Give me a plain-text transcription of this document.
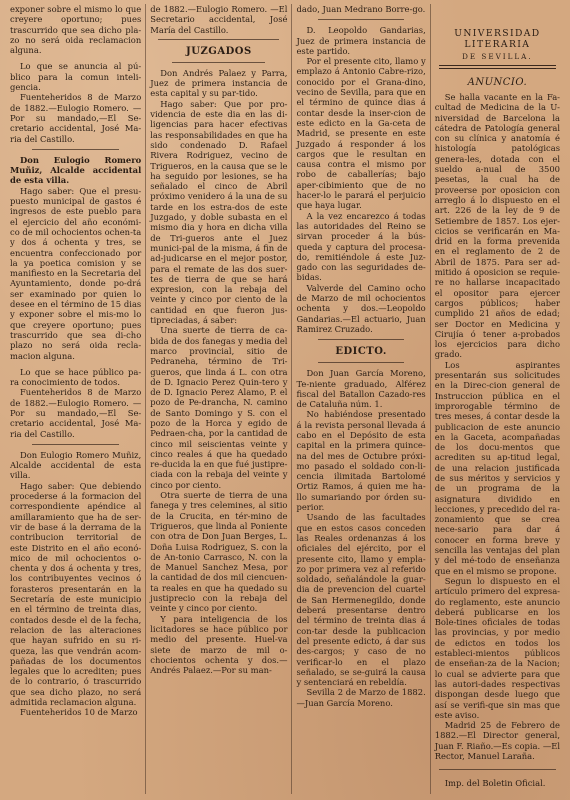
exponer sobre el mismo lo que creyere oportuno; pues trascurrido que sea dicho pla-zo no será oida reclamacion alguna.

Lo que se anuncia al pú-blico para la comun inteli-gencia.

Fuenteheridos 8 de Marzo de 1882.—Eulogio Romero. —Por su mandado,—El Se-cretario accidental, José Ma-ria del Castillo.

Don Eulogio Romero Muñiz, Alcalde accidental de esta villa.

Hago saber: Que el presu-puesto municipal de gastos é ingresos de este pueblo para el ejercicio del año económi-co de mil ochocientos ochen-ta y dos á ochenta y tres, se encuentra confeccionado por la ya poetica comision y se manifiesto en la Secretaria del Ayuntamiento, donde po-drá ser examinado por quien lo desee en el término de 15 dias y exponer sobre el mis-mo lo que creyere oportuno; pues trascurrido que sea di-cho plazo no será oida recla-macion alguna.

Lo que se hace público pa-ra conocimiento de todos.

Fuenteheridos 8 de Marzo de 1882.—Eulogio Romero. —Por su mandado,—El Se-cretario accidental, José Ma-ria del Castillo.

Don Eulogio Romero Muñiz, Alcalde accidental de esta villa.

Hago saber: Que debiendo procederse á la formacion del correspondiente apéndice al amillaramiento que ha de ser-vir de base á la derrama de la contribucion territorial de este Distrito en el año econó-mico de mil ochocientos o-chenta y dos á ochenta y tres, los contribuyentes vecinos ó forasteros presentarán en la Secretaría de este municipio en el término de treinta dias, contados desde el de la fecha, relacion de las alteraciones que hayan sufrido en su ri-queza, las que vendrán acom-pañadas de los documentos legales que lo acrediten; pues de lo contrario, ó trascurrido que sea dicho plazo, no será admitida reclamacion alguna.

Fuenteheridos 10 de Marzo

de 1882.—Eulogio Romero. —El Secretario accidental, José María del Castillo.

JUZGADOS

Don Andrés Palaez y Parra, Juez de primera instancia de esta capital y su par-tido.

Hago saber: Que por pro-videncia de este dia en las di-ligencias para hacer efectivas las responsabilidades en que ha sido condenado D. Rafael Rivera Rodriguez, vecino de Trigueros, en la causa que se le ha seguido por lesiones, se ha señalado el cinco de Abril próximo venidero á la una de su tarde en los estra-dos de este Juzgado, y doble subasta en el mismo dia y hora en dicha villa de Tri-gueros ante el Juez munici-pal de la misma, á fin de ad-judicarse en el mejor postor, para el remate de las dos suer-tes de tierra de que se hará expresion, con la rebaja del veinte y cinco por ciento de la cantidad en que fueron jus-tipreciadas, á saber:

Una suerte de tierra de ca-bida de dos fanegas y media del marco provincial, sitio de Pedraneha, término de Tri-gueros, que linda á L. con otra de D. Ignacio Perez Quin-tero y de D. Ignacio Perez Alamo, P. el pozo de Pe-drancha, N. camino de Santo Domingo y S. con el pozo de la Horca y egido de Pedraen-cha, por la cantidad de cinco mil seiscientas veinte y cinco reales á que ha quedado re-ducida la en que fué justipre-ciada con la rebaja del veinte y cinco por ciento.

Otra suerte de tierra de una fanega y tres celemines, al sitio de la Crucita, en tér-mino de Trigueros, que linda al Poniente con otra de Don Juan Berges, L. Doña Luisa Rodriguez, S. con la de An-tonio Carrasco, N. con la de Manuel Sanchez Mesa, por la cantidad de dos mil ciencuen-ta reales en que ha quedado su justiprecio con la rebaja del veinte y cinco por ciento.

Y para inteligencia de los licitadores se hace público por medio del presente. Huel-va siete de marzo de mil o-chocientos ochenta y dos.— Andrés Palaez.—Por su man-

dado, Juan Medrano Borre-go.

D. Leopoldo Gandarias, Juez de primera instancia de este partido.

Por el presente cito, llamo y emplazo á Antonio Cabre-rizo, conocido por el Grana-dino, vecino de Sevilla, para que en el término de quince dias á contar desde la inser-cion de este edicto en la Ga-ceta de Madrid, se presente en este Juzgado á responder á los cargos que le resultan en causa contra el mismo por robo de caballerías; bajo aper-cibimiento que de no hacer-lo le parará el perjuicio que haya lugar.

A la vez encarezco á todas las autoridades del Reino se sirvan proceder á la bús-queda y captura del procesa-do, remitiéndole á este Juz-gado con las seguridades de-bidas.

Valverde del Camino ocho de Marzo de mil ochocientos ochenta y dos.—Leopoldo Gandarias.—El actuario, Juan Ramirez Cruzado.

EDICTO.

Don Juan García Moreno, Te-niente graduado, Alférez fiscal del Batallon Cazado-res de Cataluña núm. 1.

No habiéndose presentado á la revista personal llevada á cabo en el Depósito de esta capital en la primera quince-na del mes de Octubre próxi-mo pasado el soldado con-li-cencia ilimitada Bartolomé Ortiz Ramos, á quien me ha-llo sumariando por órden su-perior.

Usando de las facultades que en estos casos conceden las Reales ordenanzas á los oficiales del ejército, por el presente cito, llamo y empla-zo por primera vez al referido soldado, señalándole la guar-dia de prevencion del cuartel de San Hermenegildo, donde deberá presentarse dentro del término de treinta dias á con-tar desde la publicacion del presente edicto, á dar sus des-cargos; y caso de no verificar-lo en el plazo señalado, se se-guirá la causa y sentenciará en rebeldía.

Sevilla 2 de Marzo de 1882. —Juan García Moreno.

UNIVERSIDAD LITERARIA
DE SEVILLA.
ANUNCIO.

Se halla vacante en la Fa-cultad de Medicina de la U-niversidad de Barcelona la cátedra de Patología general con su clínica y anatomía é histología patológicas genera-les, dotada con el sueldo a-nual de 3500 pesetas, la cual ha de proveerse por oposicion con arreglo á lo dispuesto en el art. 226 de la ley de 9 de Setiembre de 1857. Los ejer-cicios se verificarán en Ma-drid en la forma prevenida en el reglamento de 2 de Abril de 1875. Para ser ad-mitido á oposicion se requie-re no hallarse incapacitado el opositor para ejercer cargos públicos; haber cumplido 21 años de edad; ser Doctor en Medicina y Cirujía ó tener a-probados los ejercicios para dicho grado.

Los aspirantes presentarán sus solicitudes en la Direc-cion general de Instruccion pública en el improrogable término de tres meses, á contar desde la publicacion de este anuncio en la Gaceta, acompañadas de los docu-mentos que acrediten su ap-titud legal, de una relacion justificada de sus méritos y servicios y de un programa de la asignatura dividido en lecciones, y precedido del ra-zonamiento que se crea nece-sario para dar á conocer en forma breve y sencilla las ventajas del plan y del mé-todo de enseñanza que en el mismo se propone.

Segun lo dispuesto en el artículo primero del expresa-do reglamento, este anuncio deberá publicarse en los Bole-tines oficiales de todas las provincias, y por medio de edictos en todos los estableci-mientos públicos de enseñan-za de la Nacion; lo cual se advierte para que las autori-dades respectivas dispongan desde luego que así se verifi-que sin mas que este aviso.

Madrid 25 de Febrero de 1882.—El Director general, Juan F. Riaño.—Es copia. —El Rector, Manuel Laraña.

Imp. del Boletin Oficial.
